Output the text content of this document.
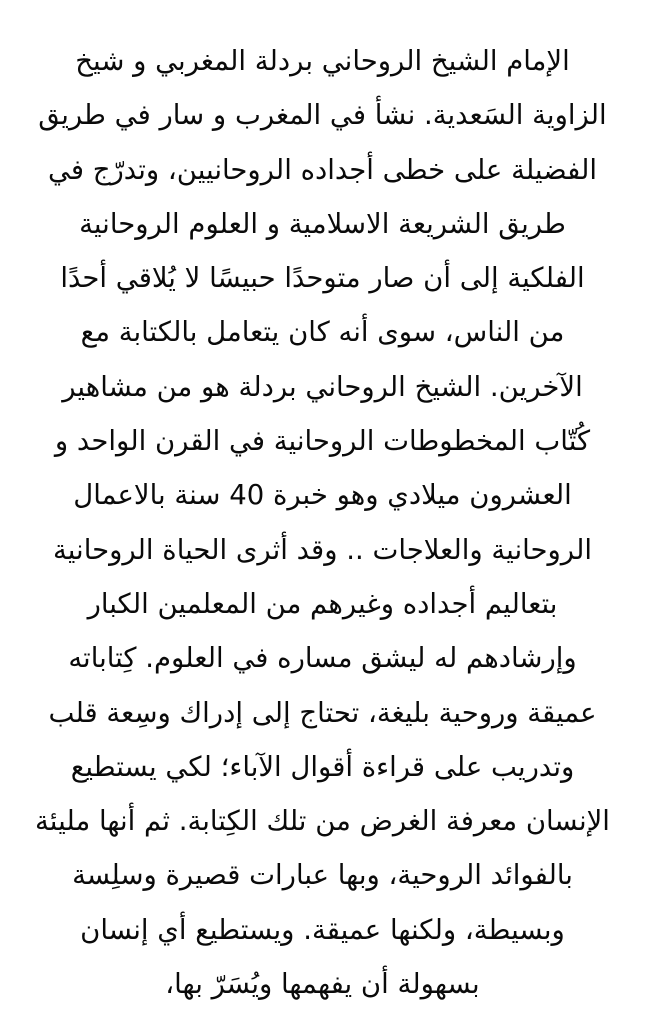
الإمام الشيخ الروحاني بردلة المغربي و شيخ
الزاوية السَعدية. نشأ في المغرب و سار في طريق
الفضيلة على خطى أجداده الروحانيين، وتدرّج في
طريق الشريعة الاسلامية و العلوم الروحانية
الفلكية إلى أن صار متوحدًا حبيسًا لا يُلاقي أحدًا
من الناس، سوى أنه كان يتعامل بالكتابة مع
الآخرين. الشيخ الروحاني بردلة هو من مشاهير
كُتّاب المخطوطات الروحانية في القرن الواحد و
العشرون ميلادي وهو خبرة 40 سنة بالاعمال
الروحانية والعلاجات .. وقد أثرى الحياة الروحانية
بتعاليم أجداده وغيرهم من المعلمين الكبار
وإرشادهم له ليشق مساره في العلوم. كِتاباته
عميقة وروحية بليغة، تحتاج إلى إدراك وسِعة قلب
وتدريب على قراءة أقوال الآباء؛ لكي يستطيع
الإنسان معرفة الغرض من تلك الكِتابة. ثم أنها مليئة
بالفوائد الروحية، وبها عبارات قصيرة وسلِسة
وبسيطة، ولكنها عميقة. ويستطيع أي إنسان
بسهولة أن يفهمها ويُسَرّ بها،
